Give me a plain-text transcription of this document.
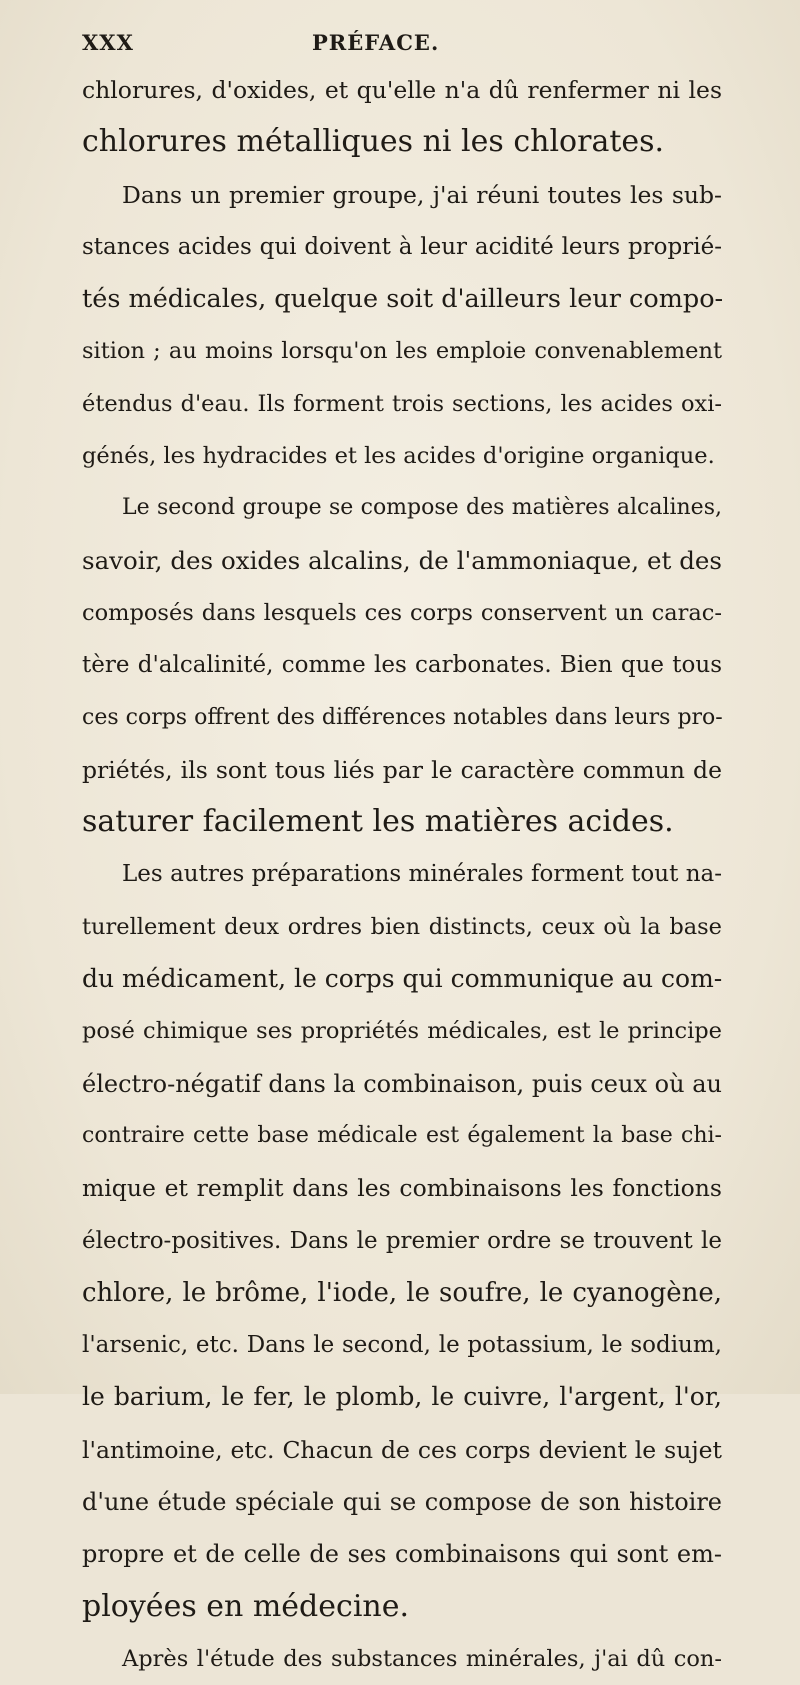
XXX	PRÉFACE.
chlorures, d'oxides, et qu'elle n'a dû renfermer ni les
chlorures métalliques ni les chlorates.
Dans un premier groupe, j'ai réuni toutes les sub-
stances acides qui doivent à leur acidité leurs proprié-
tés médicales, quelque soit d'ailleurs leur compo-
sition ; au moins lorsqu'on les emploie convenablement
étendus d'eau. Ils forment trois sections, les acides oxi-
génés, les hydracides et les acides d'origine organique.
Le second groupe se compose des matières alcalines,
savoir, des oxides alcalins, de l'ammoniaque, et des
composés dans lesquels ces corps conservent un carac-
tère d'alcalinité, comme les carbonates. Bien que tous
ces corps offrent des différences notables dans leurs pro-
priétés, ils sont tous liés par le caractère commun de
saturer facilement les matières acides.
Les autres préparations minérales forment tout na-
turellement deux ordres bien distincts, ceux où la base
du médicament, le corps qui communique au com-
posé chimique ses propriétés médicales, est le principe
électro-négatif dans la combinaison, puis ceux où au
contraire cette base médicale est également la base chi-
mique et remplit dans les combinaisons les fonctions
électro-positives. Dans le premier ordre se trouvent le
chlore, le brôme, l'iode, le soufre, le cyanogène,
l'arsenic, etc. Dans le second, le potassium, le sodium,
le barium, le fer, le plomb, le cuivre, l'argent, l'or,
l'antimoine, etc. Chacun de ces corps devient le sujet
d'une étude spéciale qui se compose de son histoire
propre et de celle de ses combinaisons qui sont em-
ployées en médecine.
Après l'étude des substances minérales, j'ai dû con-
